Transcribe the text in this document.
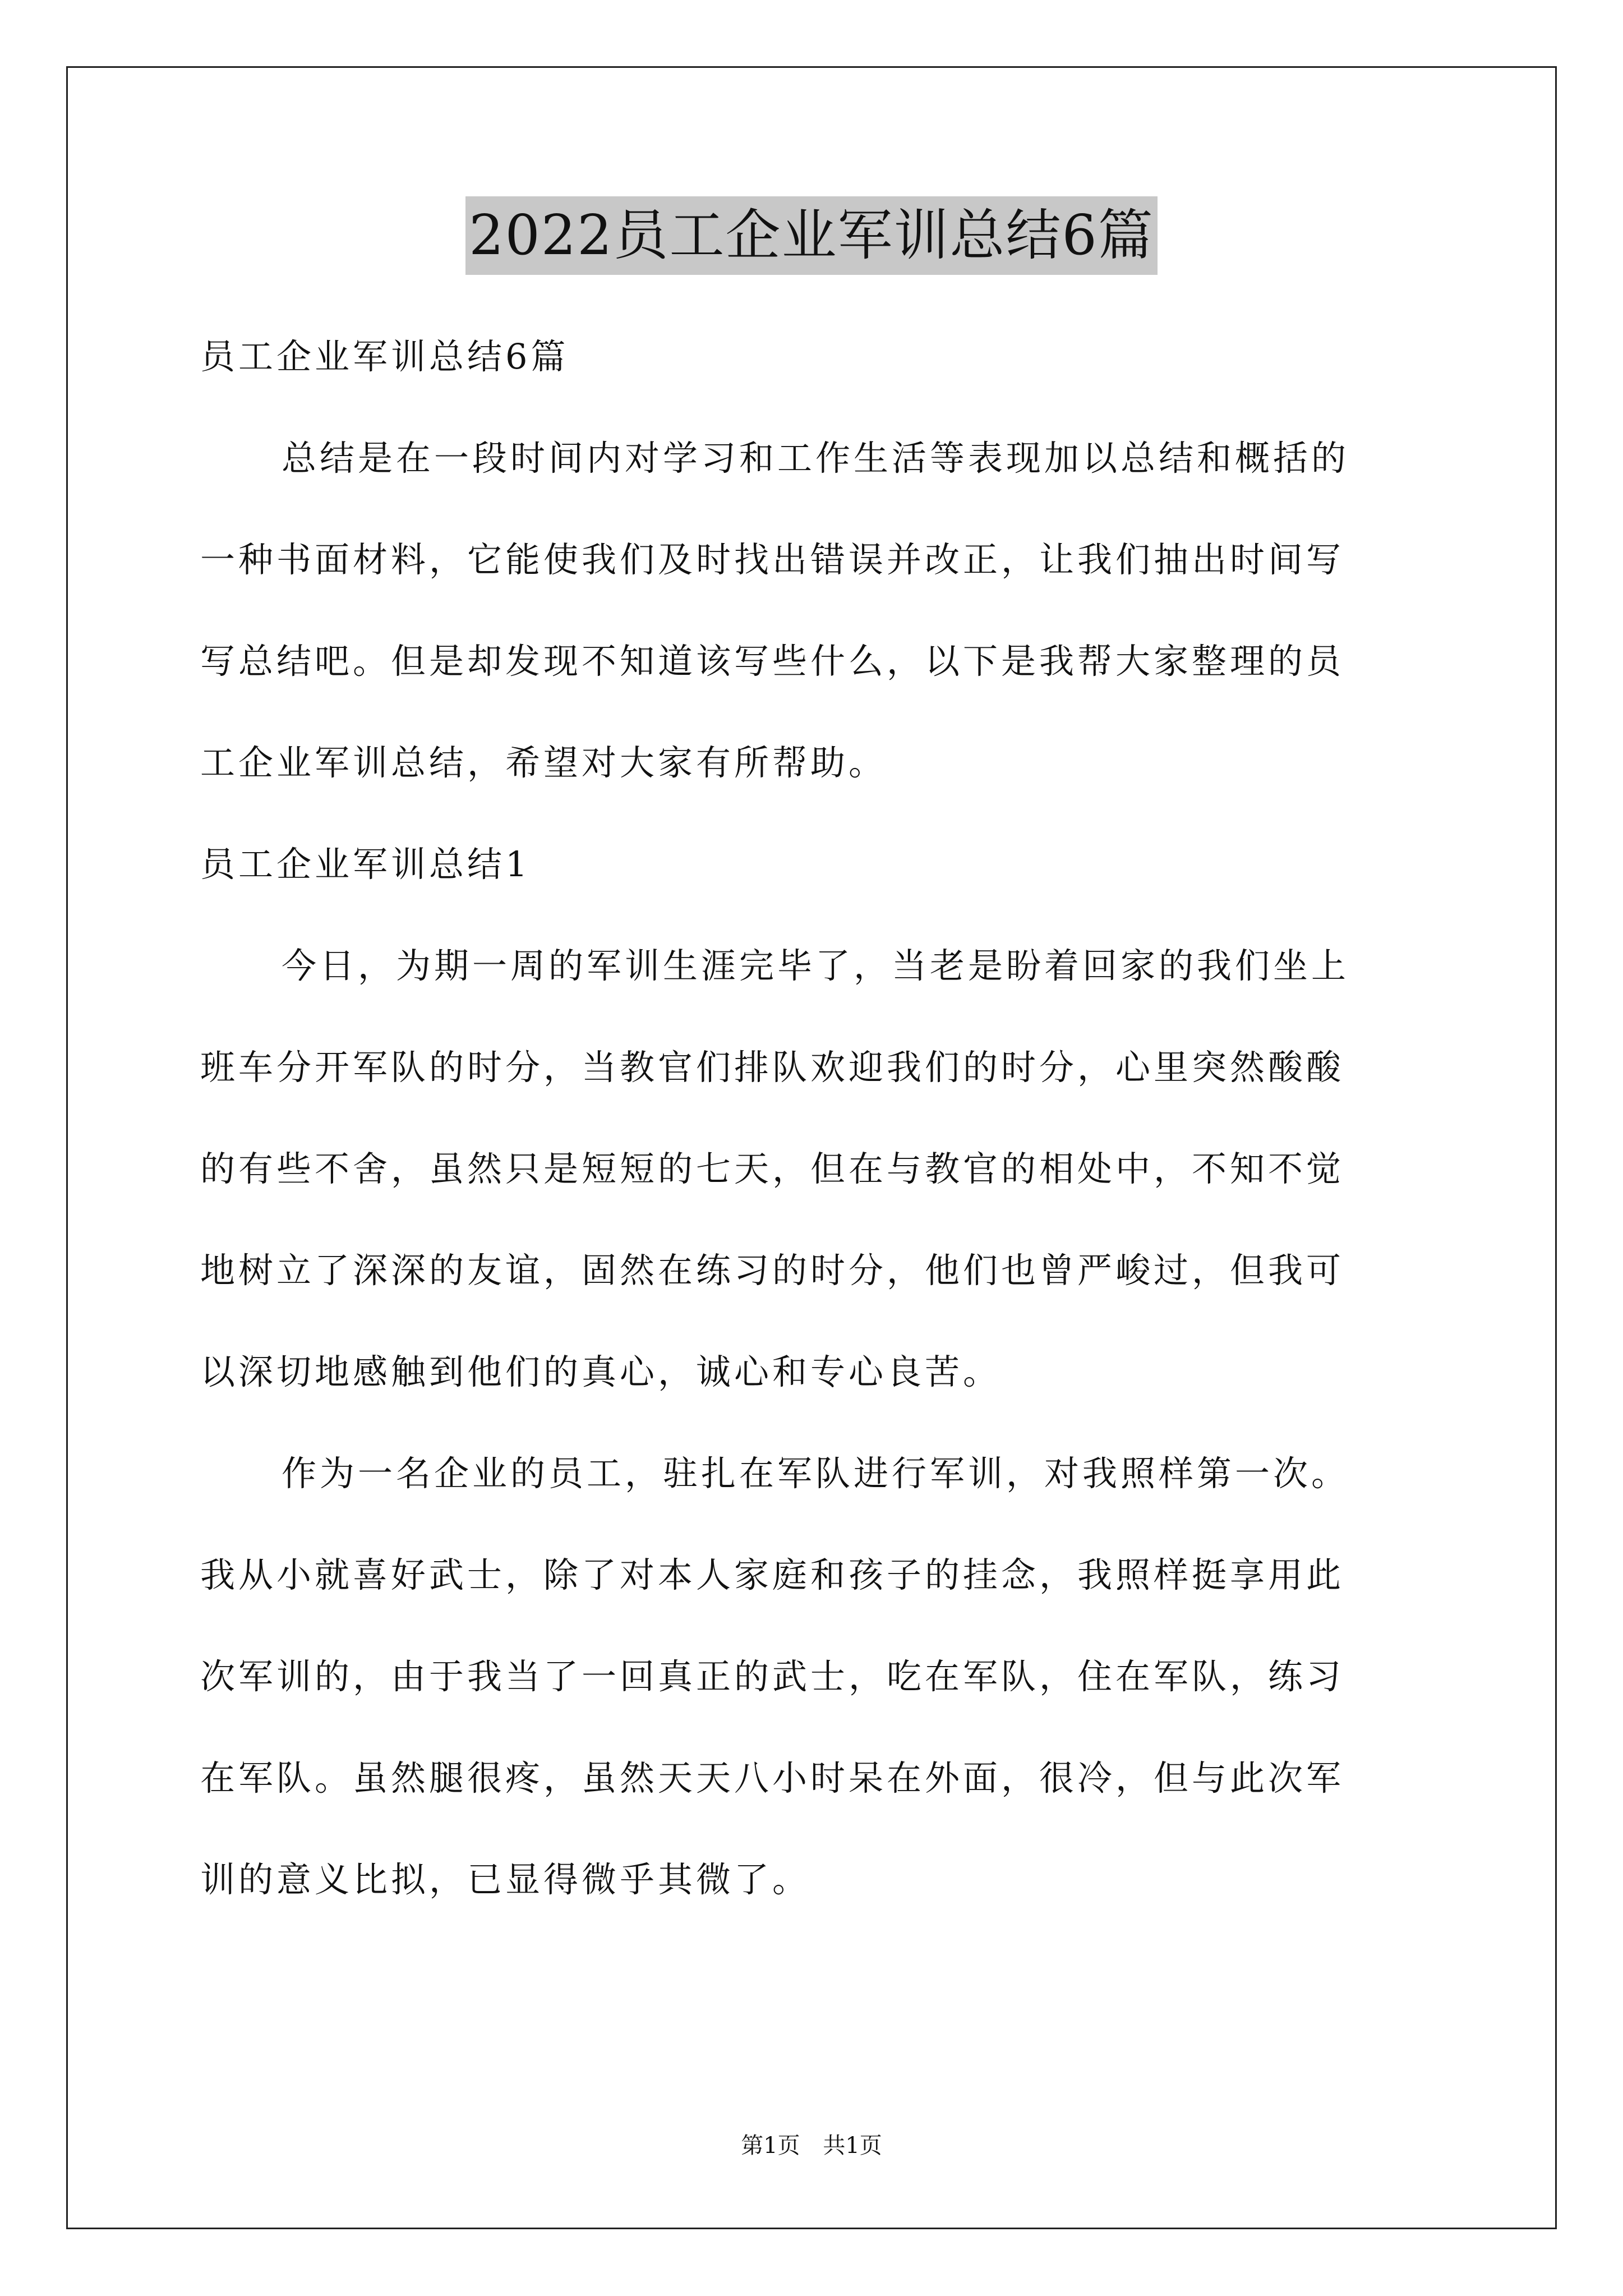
2022员工企业军训总结6篇
员工企业军训总结6篇
总结是在一段时间内对学习和工作生活等表现加以总结和概括的
一种书面材料，它能使我们及时找出错误并改正，让我们抽出时间写
写总结吧。但是却发现不知道该写些什么，以下是我帮大家整理的员
工企业军训总结，希望对大家有所帮助。
员工企业军训总结1
今日，为期一周的军训生涯完毕了，当老是盼着回家的我们坐上
班车分开军队的时分，当教官们排队欢迎我们的时分，心里突然酸酸
的有些不舍，虽然只是短短的七天，但在与教官的相处中，不知不觉
地树立了深深的友谊，固然在练习的时分，他们也曾严峻过，但我可
以深切地感触到他们的真心，诚心和专心良苦。
作为一名企业的员工，驻扎在军队进行军训，对我照样第一次。
我从小就喜好武士，除了对本人家庭和孩子的挂念，我照样挺享用此
次军训的，由于我当了一回真正的武士，吃在军队，住在军队，练习
在军队。虽然腿很疼，虽然天天八小时呆在外面，很冷，但与此次军
训的意义比拟，已显得微乎其微了。
第1页 共1页
